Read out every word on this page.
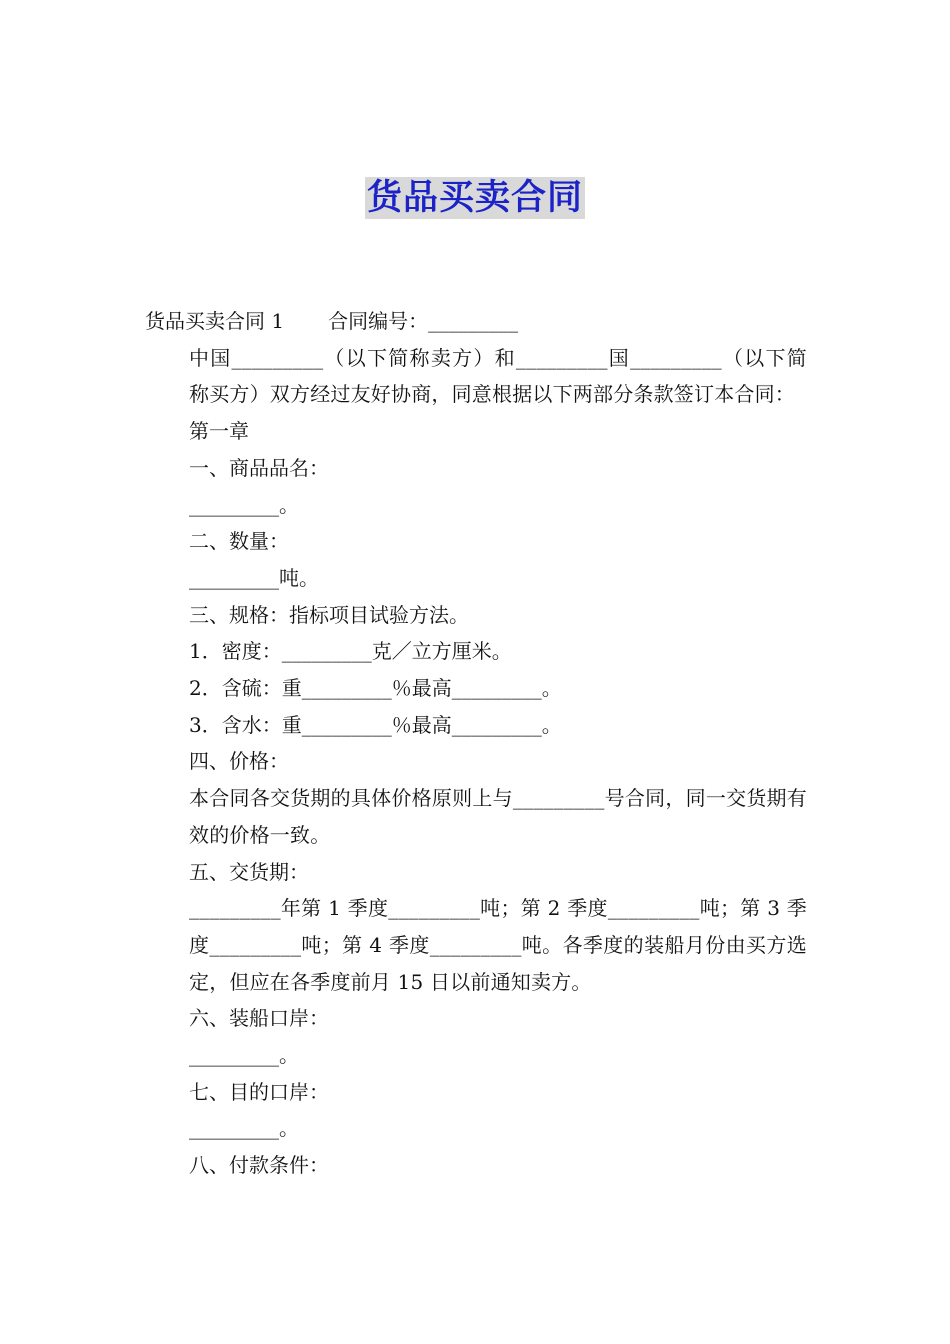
货品买卖合同

货品买卖合同 1 合同编号：_________

中国_________（以下简称卖方）和_________国_________（以下简称买方）双方经过友好协商，同意根据以下两部分条款签订本合同：

第一章

一、商品品名：

_________。

二、数量：

_________吨。

三、规格：指标项目试验方法。

1．密度：_________克／立方厘米。

2．含硫：重_________％最高_________。

3．含水：重_________％最高_________。

四、价格：

本合同各交货期的具体价格原则上与_________号合同，同一交货期有效的价格一致。

五、交货期：

_________年第 1 季度_________吨；第 2 季度_________吨；第 3 季度_________吨；第 4 季度_________吨。各季度的装船月份由买方选定，但应在各季度前月 15 日以前通知卖方。

六、装船口岸：

_________。

七、目的口岸：

_________。

八、付款条件：
